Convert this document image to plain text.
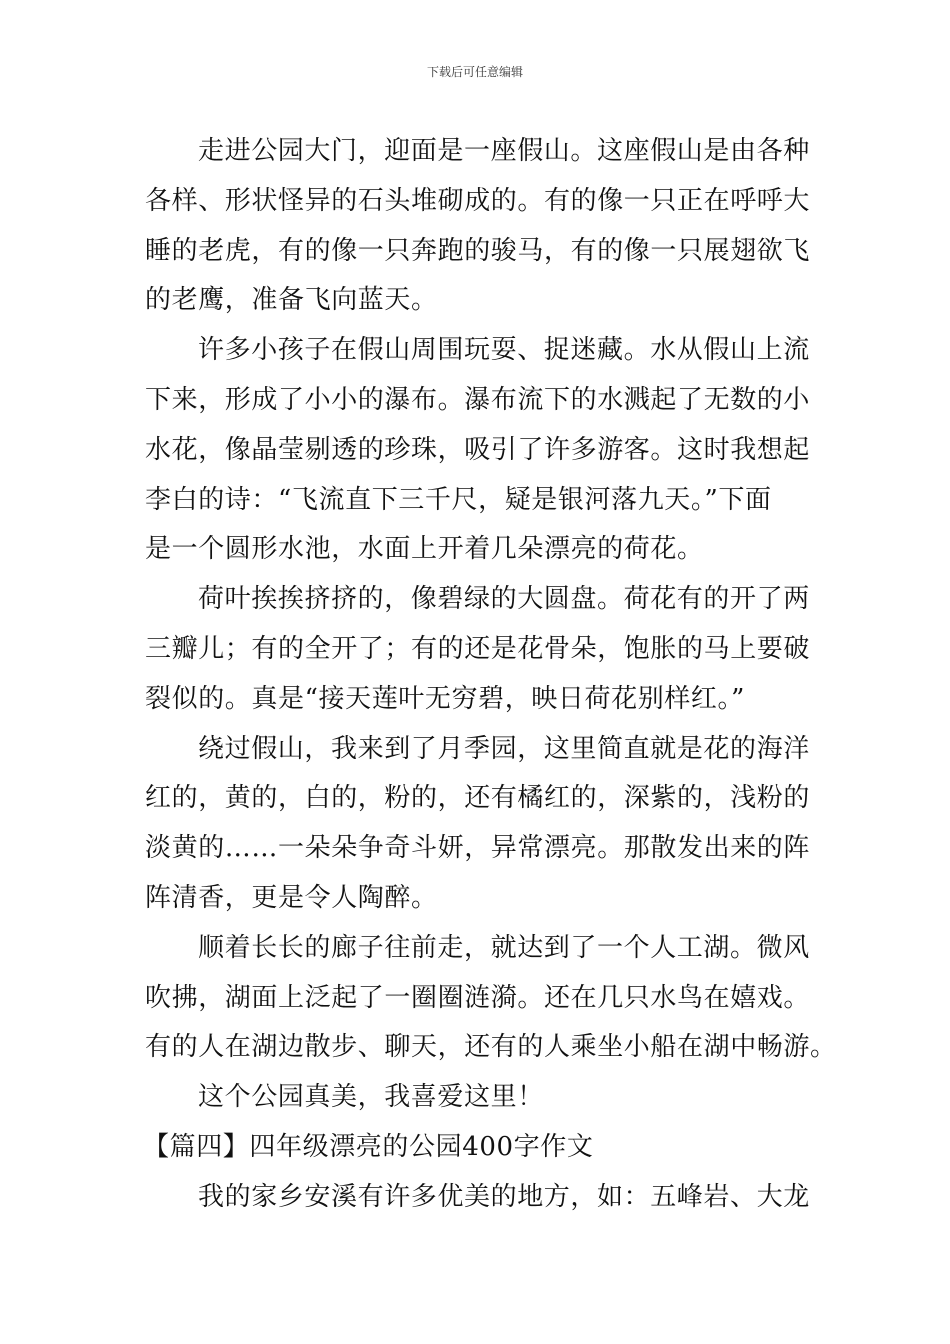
下载后可任意编辑
走进公园大门，迎面是一座假山。这座假山是由各种
各样、形状怪异的石头堆砌成的。有的像一只正在呼呼大
睡的老虎，有的像一只奔跑的骏马，有的像一只展翅欲飞
的老鹰，准备飞向蓝天。
许多小孩子在假山周围玩耍、捉迷藏。水从假山上流
下来，形成了小小的瀑布。瀑布流下的水溅起了无数的小
水花，像晶莹剔透的珍珠，吸引了许多游客。这时我想起
李白的诗：“飞流直下三千尺，疑是银河落九天。”下面
是一个圆形水池，水面上开着几朵漂亮的荷花。
荷叶挨挨挤挤的，像碧绿的大圆盘。荷花有的开了两
三瓣儿；有的全开了；有的还是花骨朵，饱胀的马上要破
裂似的。真是“接天莲叶无穷碧，映日荷花别样红。”
绕过假山，我来到了月季园，这里简直就是花的海洋
红的，黄的，白的，粉的，还有橘红的，深紫的，浅粉的
淡黄的……一朵朵争奇斗妍，异常漂亮。那散发出来的阵
阵清香，更是令人陶醉。
顺着长长的廊子往前走，就达到了一个人工湖。微风
吹拂，湖面上泛起了一圈圈涟漪。还在几只水鸟在嬉戏。
有的人在湖边散步、聊天，还有的人乘坐小船在湖中畅游。
这个公园真美，我喜爱这里！
【篇四】四年级漂亮的公园400字作文
我的家乡安溪有许多优美的地方，如：五峰岩、大龙
